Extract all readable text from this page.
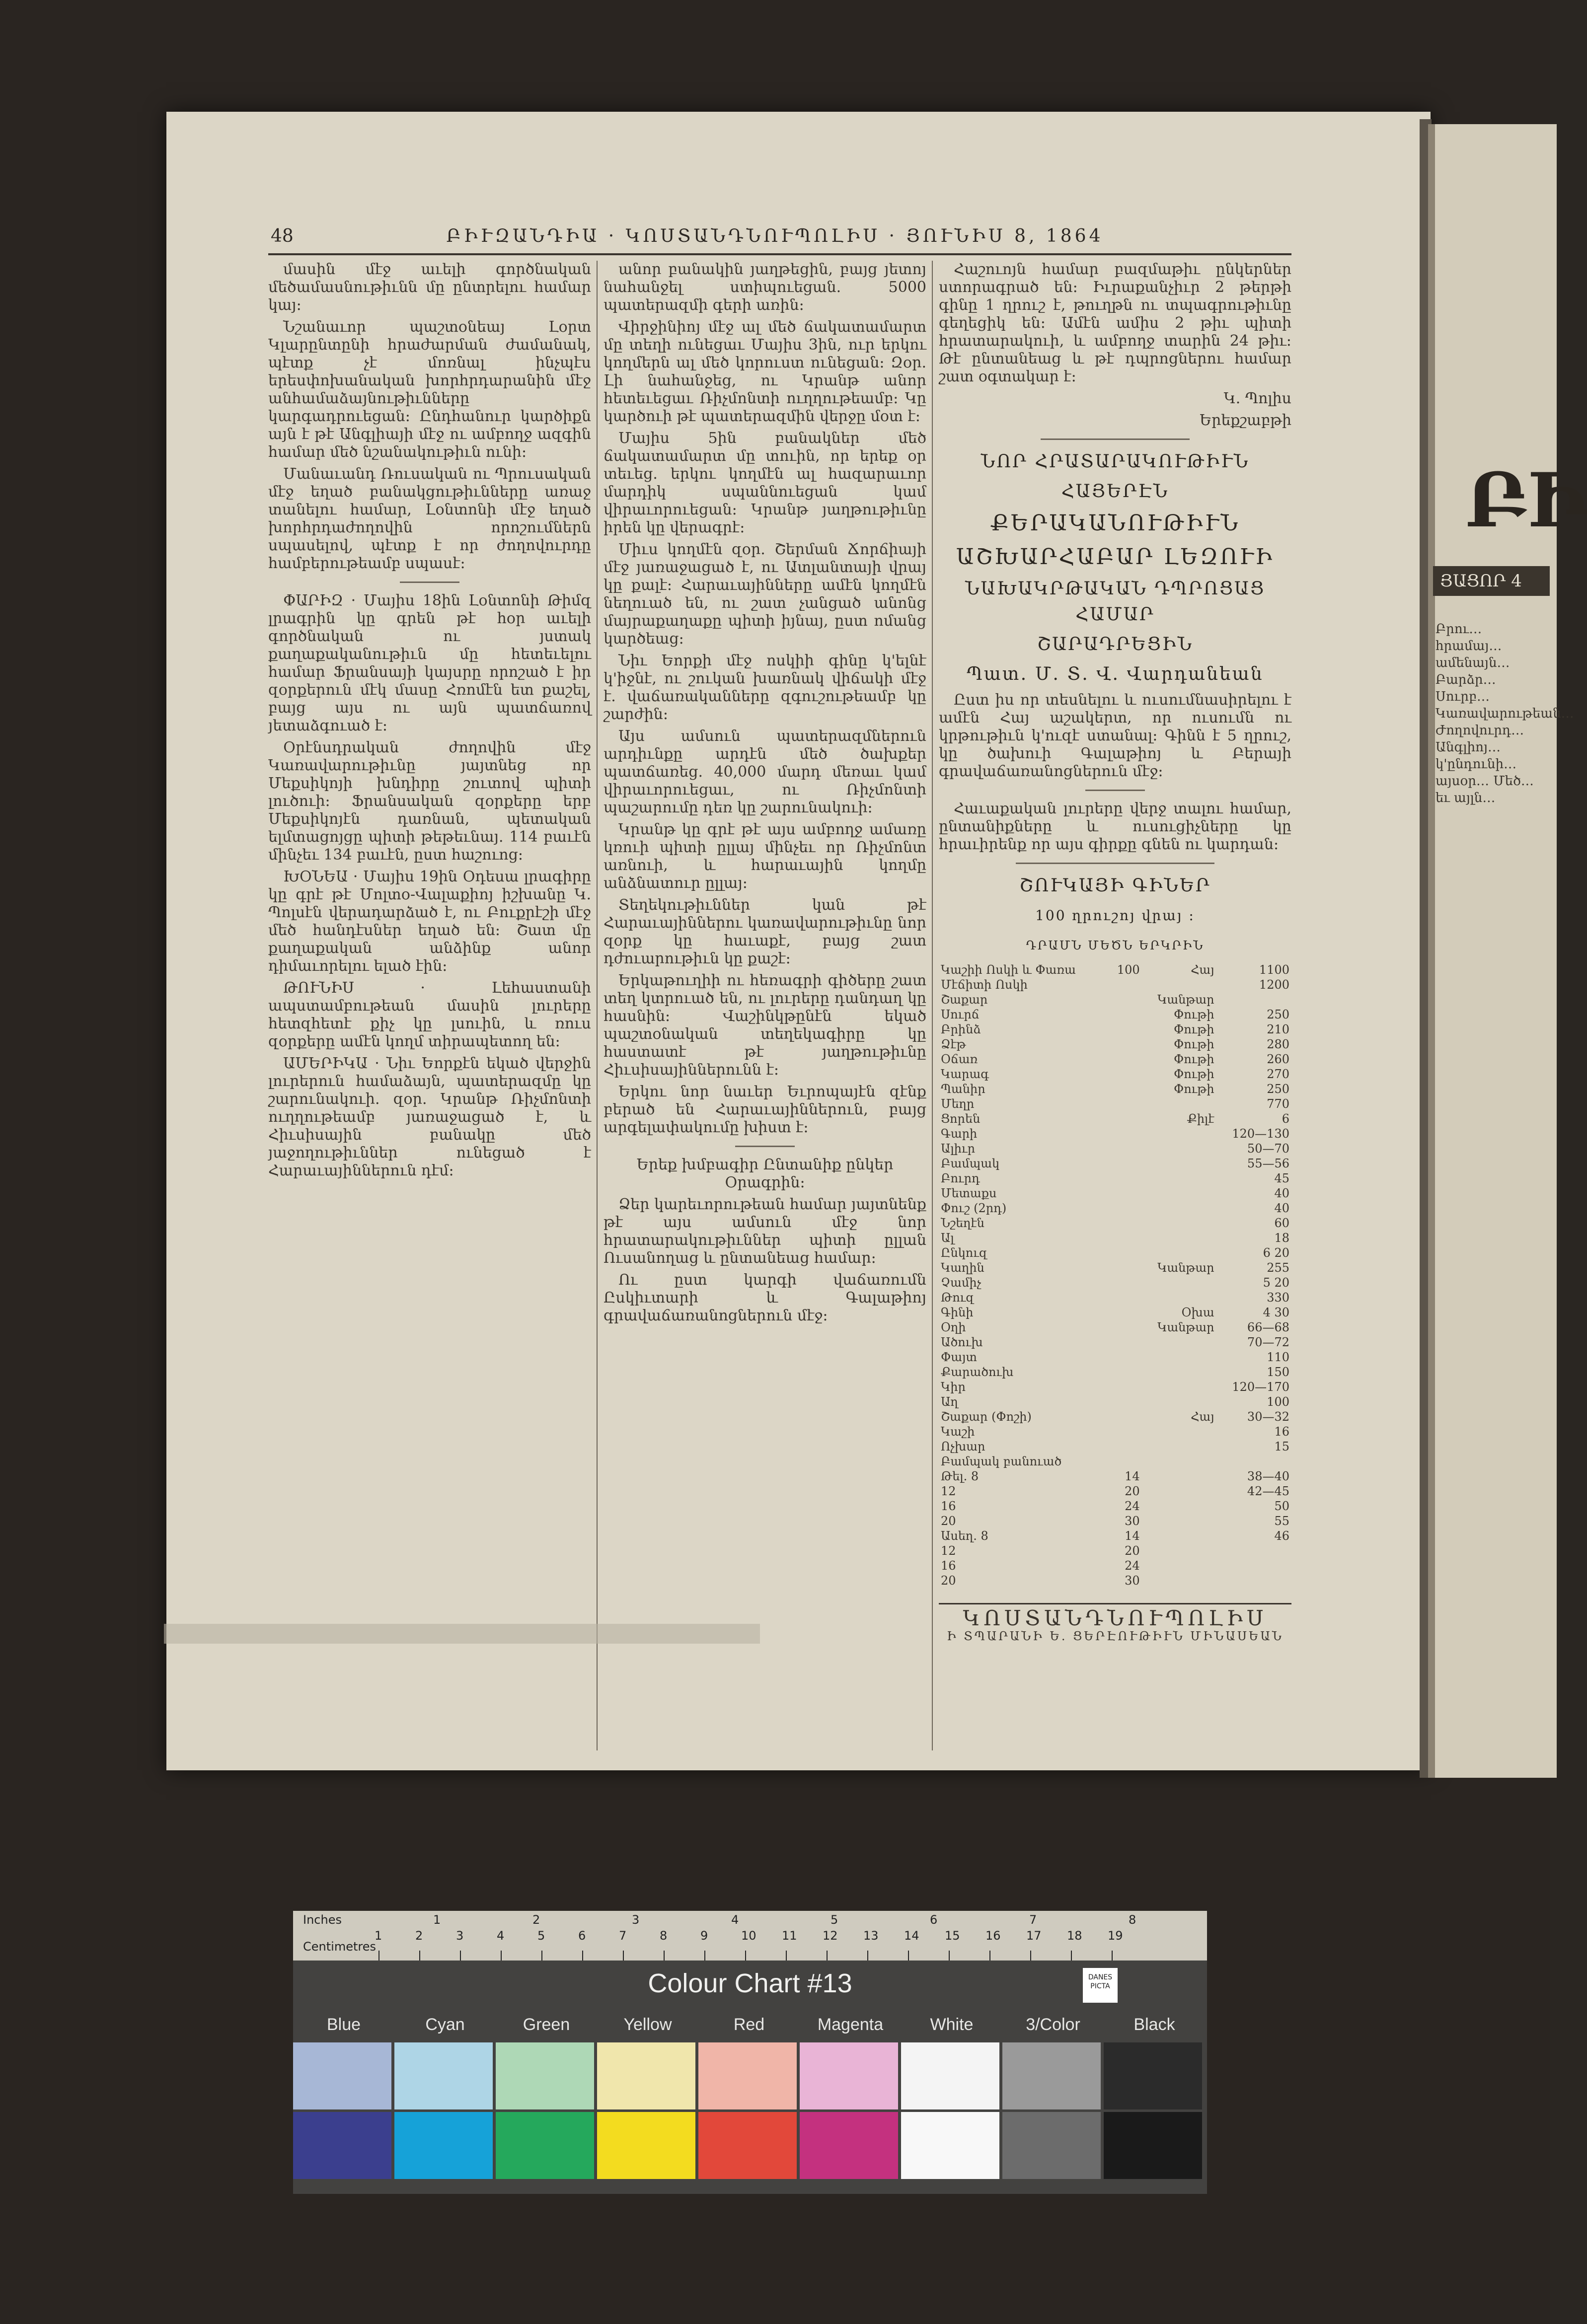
48	ԲԻՒԶԱՆԴԻԱ · ԿՈՍՏԱՆԴՆՈՒՊՈԼԻՍ · ՅՈՒՆԻՍ 8, 1864

մասին մէջ աւելի գործնական մեծամասնութիւնն մը ընտրելու համար կայ։

Նշանաւոր պաշտօնեայ Լօրտ Կլարընտընի հրաժարման ժամանակ, պէտք չէ մոռնալ ինչպէս երեսփոխանական խորհրդարանին մէջ անհամաձայնութիւնները կարգադրուեցան։ Ընդհանուր կարծիքն այն է թէ Անգլիայի մէջ ու ամբողջ ազգին համար մեծ նշանակութիւն ունի։

Մանաւանդ Ռուսական ու Պրուսական մէջ եղած բանակցութիւնները առաջ տանելու համար, Լօնտոնի մէջ եղած խորհրդաժողովին որոշումներն սպասելով, պէտք է որ ժողովուրդը համբերութեամբ սպասէ։

ՓԱՐԻԶ · Մայիս 18ին Լօնտոնի Թիմզ լրագրին կը գրեն թէ հօր աւելի գործնական ու յստակ քաղաքականութիւն մը հետեւելու համար Ֆրանսայի կայսրը որոշած է իր զօրքերուն մէկ մասը Հռոմէն ետ քաշել, բայց այս ու այն պատճառով յետաձգուած է։

Օրէնսդրական ժողովին մէջ Կառավարութիւնը յայտնեց որ Մեքսիկոյի խնդիրը շուտով պիտի լուծուի։ Ֆրանսական զօրքերը երբ Մեքսիկոյէն դառնան, պետական ելմտացոյցը պիտի թեթեւնայ. 114 բաւէն մինչեւ 134 բաւէն, ըստ հաշուոց։

ԽՕՆԵԱ · Մայիս 19ին Օդեսա լրագիրը կը գրէ թէ Մոլտօ-Վալաքիոյ իշխանը Կ. Պոլսէն վերադարձած է, ու Բուքրէշի մէջ մեծ հանդէսներ եղած են։ Շատ մը քաղաքական անձինք անոր դիմաւորելու ելած էին։

ԹՈՒՆԻՍ · Լեհաստանի ապստամբութեան մասին լուրերը հետզհետէ քիչ կը լսուին, և ռուս զօրքերը ամէն կողմ տիրապետող են։

ԱՄԵՐԻԿԱ · Նիւ Եորքէն եկած վերջին լուրերուն համաձայն, պատերազմը կը շարունակուի. զօր. Կրանթ Ռիչմոնտի ուղղութեամբ յառաջացած է, և Հիւսիսային բանակը մեծ յաջողութիւններ ունեցած է Հարաւայիններուն դէմ։

անոր բանակին յաղթեցին, բայց յետոյ նահանջել ստիպուեցան. 5000 պատերազմի գերի առին։

Վիրջինիոյ մէջ ալ մեծ ճակատամարտ մը տեղի ունեցաւ Մայիս 3ին, ուր երկու կողմերն ալ մեծ կորուստ ունեցան։ Զօր. Լի նահանջեց, ու Կրանթ անոր հետեւեցաւ Ռիչմոնտի ուղղութեամբ։ Կը կարծուի թէ պատերազմին վերջը մօտ է։

Մայիս 5ին բանակներ մեծ ճակատամարտ մը տուին, որ երեք օր տեւեց. երկու կողմէն ալ հազարաւոր մարդիկ սպաննուեցան կամ վիրաւորուեցան։ Կրանթ յաղթութիւնը իրեն կը վերագրէ։

Միւս կողմէն զօր. Շերման Ճորճիայի մէջ յառաջացած է, ու Ատլանտայի վրայ կը քալէ։ Հարաւայինները ամէն կողմէն նեղուած են, ու շատ չանցած անոնց մայրաքաղաքը պիտի իյնայ, ըստ ոմանց կարծեաց։

Նիւ Եորքի մէջ ոսկիի գինը կ'ելնէ կ'իջնէ, ու շուկան խառնակ վիճակի մէջ է. վաճառականները զգուշութեամբ կը շարժին։

Այս ամսուն պատերազմներուն արդիւնքը արդէն մեծ ծախքեր պատճառեց. 40,000 մարդ մեռաւ կամ վիրաւորուեցաւ, ու Ռիչմոնտի պաշարումը դեռ կը շարունակուի։

Կրանթ կը գրէ թէ այս ամբողջ ամառը կռուի պիտի ըլլայ մինչեւ որ Ռիչմոնտ առնուի, և հարաւային կողմը անձնատուր ըլլայ։

Տեղեկութիւններ կան թէ Հարաւայիններու կառավարութիւնը նոր զօրք կը հաւաքէ, բայց շատ դժուարութիւն կը քաշէ։

Երկաթուղիի ու հեռագրի գիծերը շատ տեղ կտրուած են, ու լուրերը դանդաղ կը հասնին։ Վաշինկթընէն եկած պաշտօնական տեղեկագիրը կը հաստատէ թէ յաղթութիւնը Հիւսիսայիններունն է։

Երկու նոր նաւեր Եւրոպայէն զէնք բերած են Հարաւայիններուն, բայց արգելափակումը խիստ է։

Երեք խմբագիր Ընտանիք ընկեր Օրագրին։

Ձեր կարեւորութեան համար յայտնենք թէ այս ամսուն մէջ նոր հրատարակութիւններ պիտի ըլլան Ուսանողաց և ընտանեաց համար։

Ու ըստ կարգի վաճառումն Ըսկիւտարի և Գալաթիոյ գրավաճառանոցներուն մէջ։

Հաշուոյն համար բազմաթիւ ընկերներ ստորագրած են։ Իւրաքանչիւր 2 թերթի գինը 1 ղրուշ է, թուղթն ու տպագրութիւնը գեղեցիկ են։ Ամէն ամիս 2 թիւ պիտի հրատարակուի, և ամբողջ տարին 24 թիւ։ Թէ ընտանեաց և թէ դպրոցներու համար շատ օգտակար է։

Կ. Պոլիս

Երեքշաբթի

ՆՈՐ ՀՐԱՏԱՐԱԿՈՒԹԻՒՆ
ՀԱՅԵՐԷՆ
ՔԵՐԱԿԱՆՈՒԹԻՒՆ
ԱՇԽԱՐՀԱԲԱՐ ԼԵԶՈՒԻ
ՆԱԽԱԿՐԹԱԿԱՆ ԴՊՐՈՑԱՑ ՀԱՄԱՐ
ՇԱՐԱԴՐԵՑԻՆ
Պատ․ Մ․ Տ․ Վ․ Վարդանեան

Ըստ իս որ տեսնելու և ուսումնասիրելու է ամէն Հայ աշակերտ, որ ուսումն ու կրթութիւն կ'ուզէ ստանալ։ Գինն է 5 ղրուշ, կը ծախուի Գալաթիոյ և Բերայի գրավաճառանոցներուն մէջ։

Հաւաքական լուրերը վերջ տալու համար, ընտանիքները և ուսուցիչները կը հրաւիրենք որ այս գիրքը գնեն ու կարդան։

ՇՈՒԿԱՅԻ ԳԻՆԵՐ
100 ղրուշոյ վրայ ։
ԴՐԱՄՆ ՄԵԾՆ ԵՐԿՐԻՆ
Կաշիի Ոսկի և Փառա	100	Հայ	1100
Մէճիտի Ոսկի			1200
Շաքար		Կանթար	
Սուրճ		Փութի	250
Բրինձ		Փութի	210
Ձէթ		Փութի	280
Օճառ		Փութի	260
Կարագ		Փութի	270
Պանիր		Փութի	250
Մեղր			770
Ցորեն		Քիլէ	6
Գարի			120—130
Ալիւր			50—70
Բամպակ			55—56
Բուրդ			45
Մետաքս			40
Փուշ (2րդ)			40
Նշեղէն			60
Ալ			18
Ընկուզ			6 20
Կաղին		Կանթար	255
Չամիչ			5 20
Թուզ			330
Գինի		Օխա	4 30
Օղի		Կանթար	66—68
Ածուխ			70—72
Փայտ			110
Քարածուխ			150
Կիր			120—170
Աղ			100
Շաքար (Փոշի)		Հայ	30—32
Կաշի			16
Ոչխար			15
Բամպակ բանուած			
Թել. 8	14		38—40
12	20		42—45
16	24		50
20	30		55
Ասեղ. 8	14		46
12	20		
16	24		
20	30		
ԿՈՍՏԱՆԴՆՈՒՊՈԼԻՍ
Ի ՏՊԱՐԱՆԻ Ե. ՑԵՐԷՈՒԹԻՒՆ ՄԻՆԱՍԵԱՆ
ԲԻ
ՅԱՑՈՐ 4
Բրու… հրամայ… ամենայն… Բարձր… Սուրբ… Կառավարութեան… Ժողովուրդ… Անգլիոյ… կ'ընդունի… այսօր… Մեծ… եւ այլն…
Inches
Centimetres
1	2	3	4	5	6	7	8
1	2	3	4	5	6	7	8	9	10 11 12 13 14 15 16 17 18 19
Colour Chart #13	DANES PICTA
Blue	Cyan	Green	Yellow	Red	Magenta	White	3/Color	Black
